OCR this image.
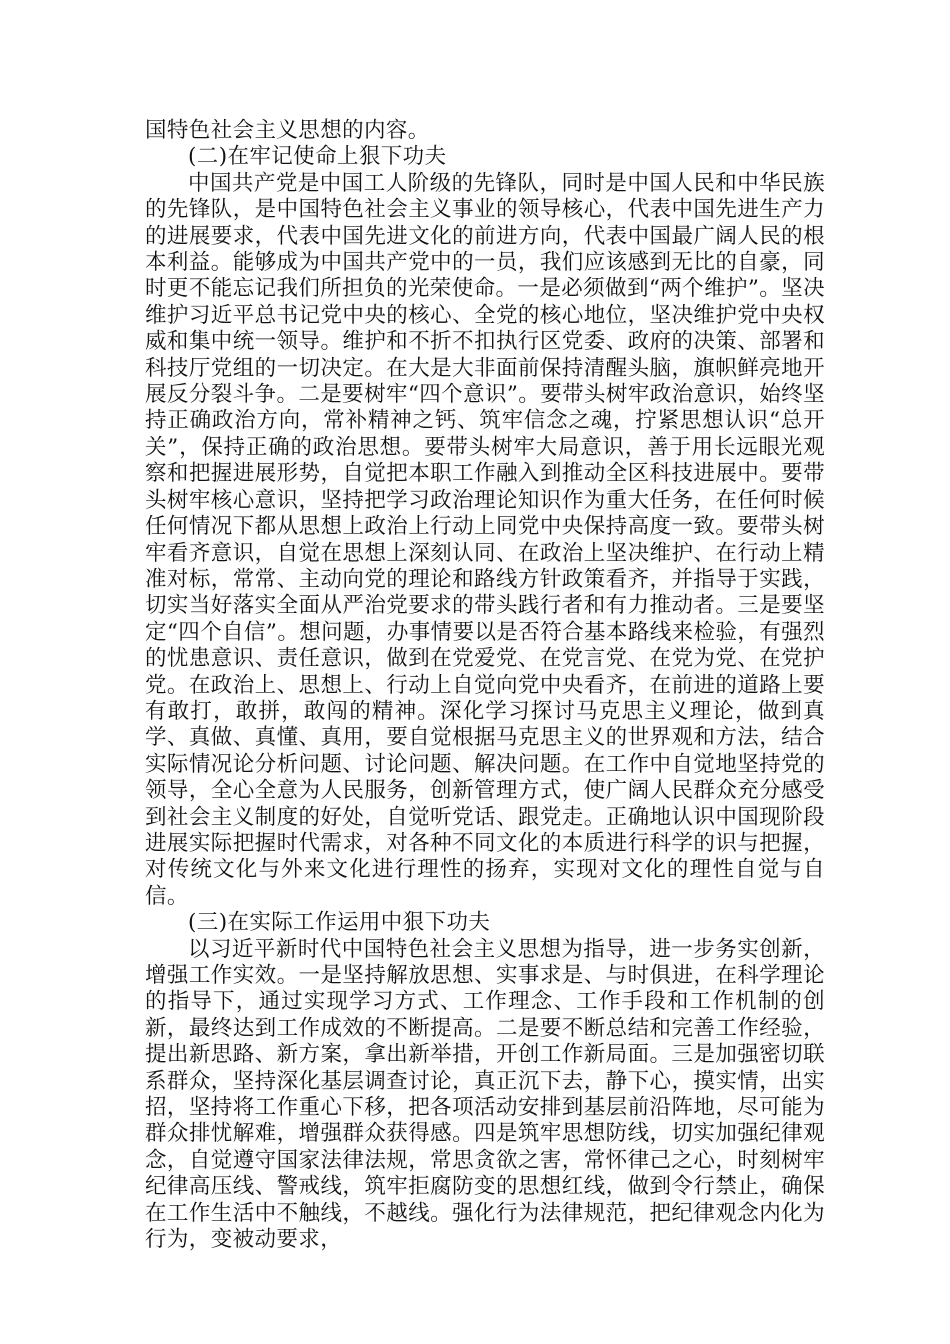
国特色社会主义思想的内容。

(二)在牢记使命上狠下功夫

中国共产党是中国工人阶级的先锋队，同时是中国人民和中华民族的先锋队，是中国特色社会主义事业的领导核心，代表中国先进生产力的进展要求，代表中国先进文化的前进方向，代表中国最广阔人民的根本利益。能够成为中国共产党中的一员，我们应该感到无比的自豪，同时更不能忘记我们所担负的光荣使命。一是必须做到“两个维护”。坚决维护习近平总书记党中央的核心、全党的核心地位，坚决维护党中央权威和集中统一领导。维护和不折不扣执行区党委、政府的决策、部署和科技厅党组的一切决定。在大是大非面前保持清醒头脑，旗帜鲜亮地开展反分裂斗争。二是要树牢“四个意识”。要带头树牢政治意识，始终坚持正确政治方向，常补精神之钙、筑牢信念之魂，拧紧思想认识“总开关”，保持正确的政治思想。要带头树牢大局意识，善于用长远眼光观察和把握进展形势，自觉把本职工作融入到推动全区科技进展中。要带头树牢核心意识，坚持把学习政治理论知识作为重大任务，在任何时候任何情况下都从思想上政治上行动上同党中央保持高度一致。要带头树牢看齐意识，自觉在思想上深刻认同、在政治上坚决维护、在行动上精准对标，常常、主动向党的理论和路线方针政策看齐，并指导于实践，切实当好落实全面从严治党要求的带头践行者和有力推动者。三是要坚定“四个自信”。想问题，办事情要以是否符合基本路线来检验，有强烈的忧患意识、责任意识，做到在党爱党、在党言党、在党为党、在党护党。在政治上、思想上、行动上自觉向党中央看齐，在前进的道路上要有敢打，敢拼，敢闯的精神。深化学习探讨马克思主义理论，做到真学、真做、真懂、真用，要自觉根据马克思主义的世界观和方法，结合实际情况论分析问题、讨论问题、解决问题。在工作中自觉地坚持党的领导，全心全意为人民服务，创新管理方式，使广阔人民群众充分感受到社会主义制度的好处，自觉听党话、跟党走。正确地认识中国现阶段进展实际把握时代需求，对各种不同文化的本质进行科学的识与把握，对传统文化与外来文化进行理性的扬弃，实现对文化的理性自觉与自信。

(三)在实际工作运用中狠下功夫

以习近平新时代中国特色社会主义思想为指导，进一步务实创新，增强工作实效。一是坚持解放思想、实事求是、与时俱进，在科学理论的指导下，通过实现学习方式、工作理念、工作手段和工作机制的创新，最终达到工作成效的不断提高。二是要不断总结和完善工作经验，提出新思路、新方案，拿出新举措，开创工作新局面。三是加强密切联系群众，坚持深化基层调查讨论，真正沉下去，静下心，摸实情，出实招，坚持将工作重心下移，把各项活动安排到基层前沿阵地，尽可能为群众排忧解难，增强群众获得感。四是筑牢思想防线，切实加强纪律观念，自觉遵守国家法律法规，常思贪欲之害，常怀律己之心，时刻树牢纪律高压线、警戒线，筑牢拒腐防变的思想红线，做到令行禁止，确保在工作生活中不触线，不越线。强化行为法律规范，把纪律观念内化为行为，变被动要求，
